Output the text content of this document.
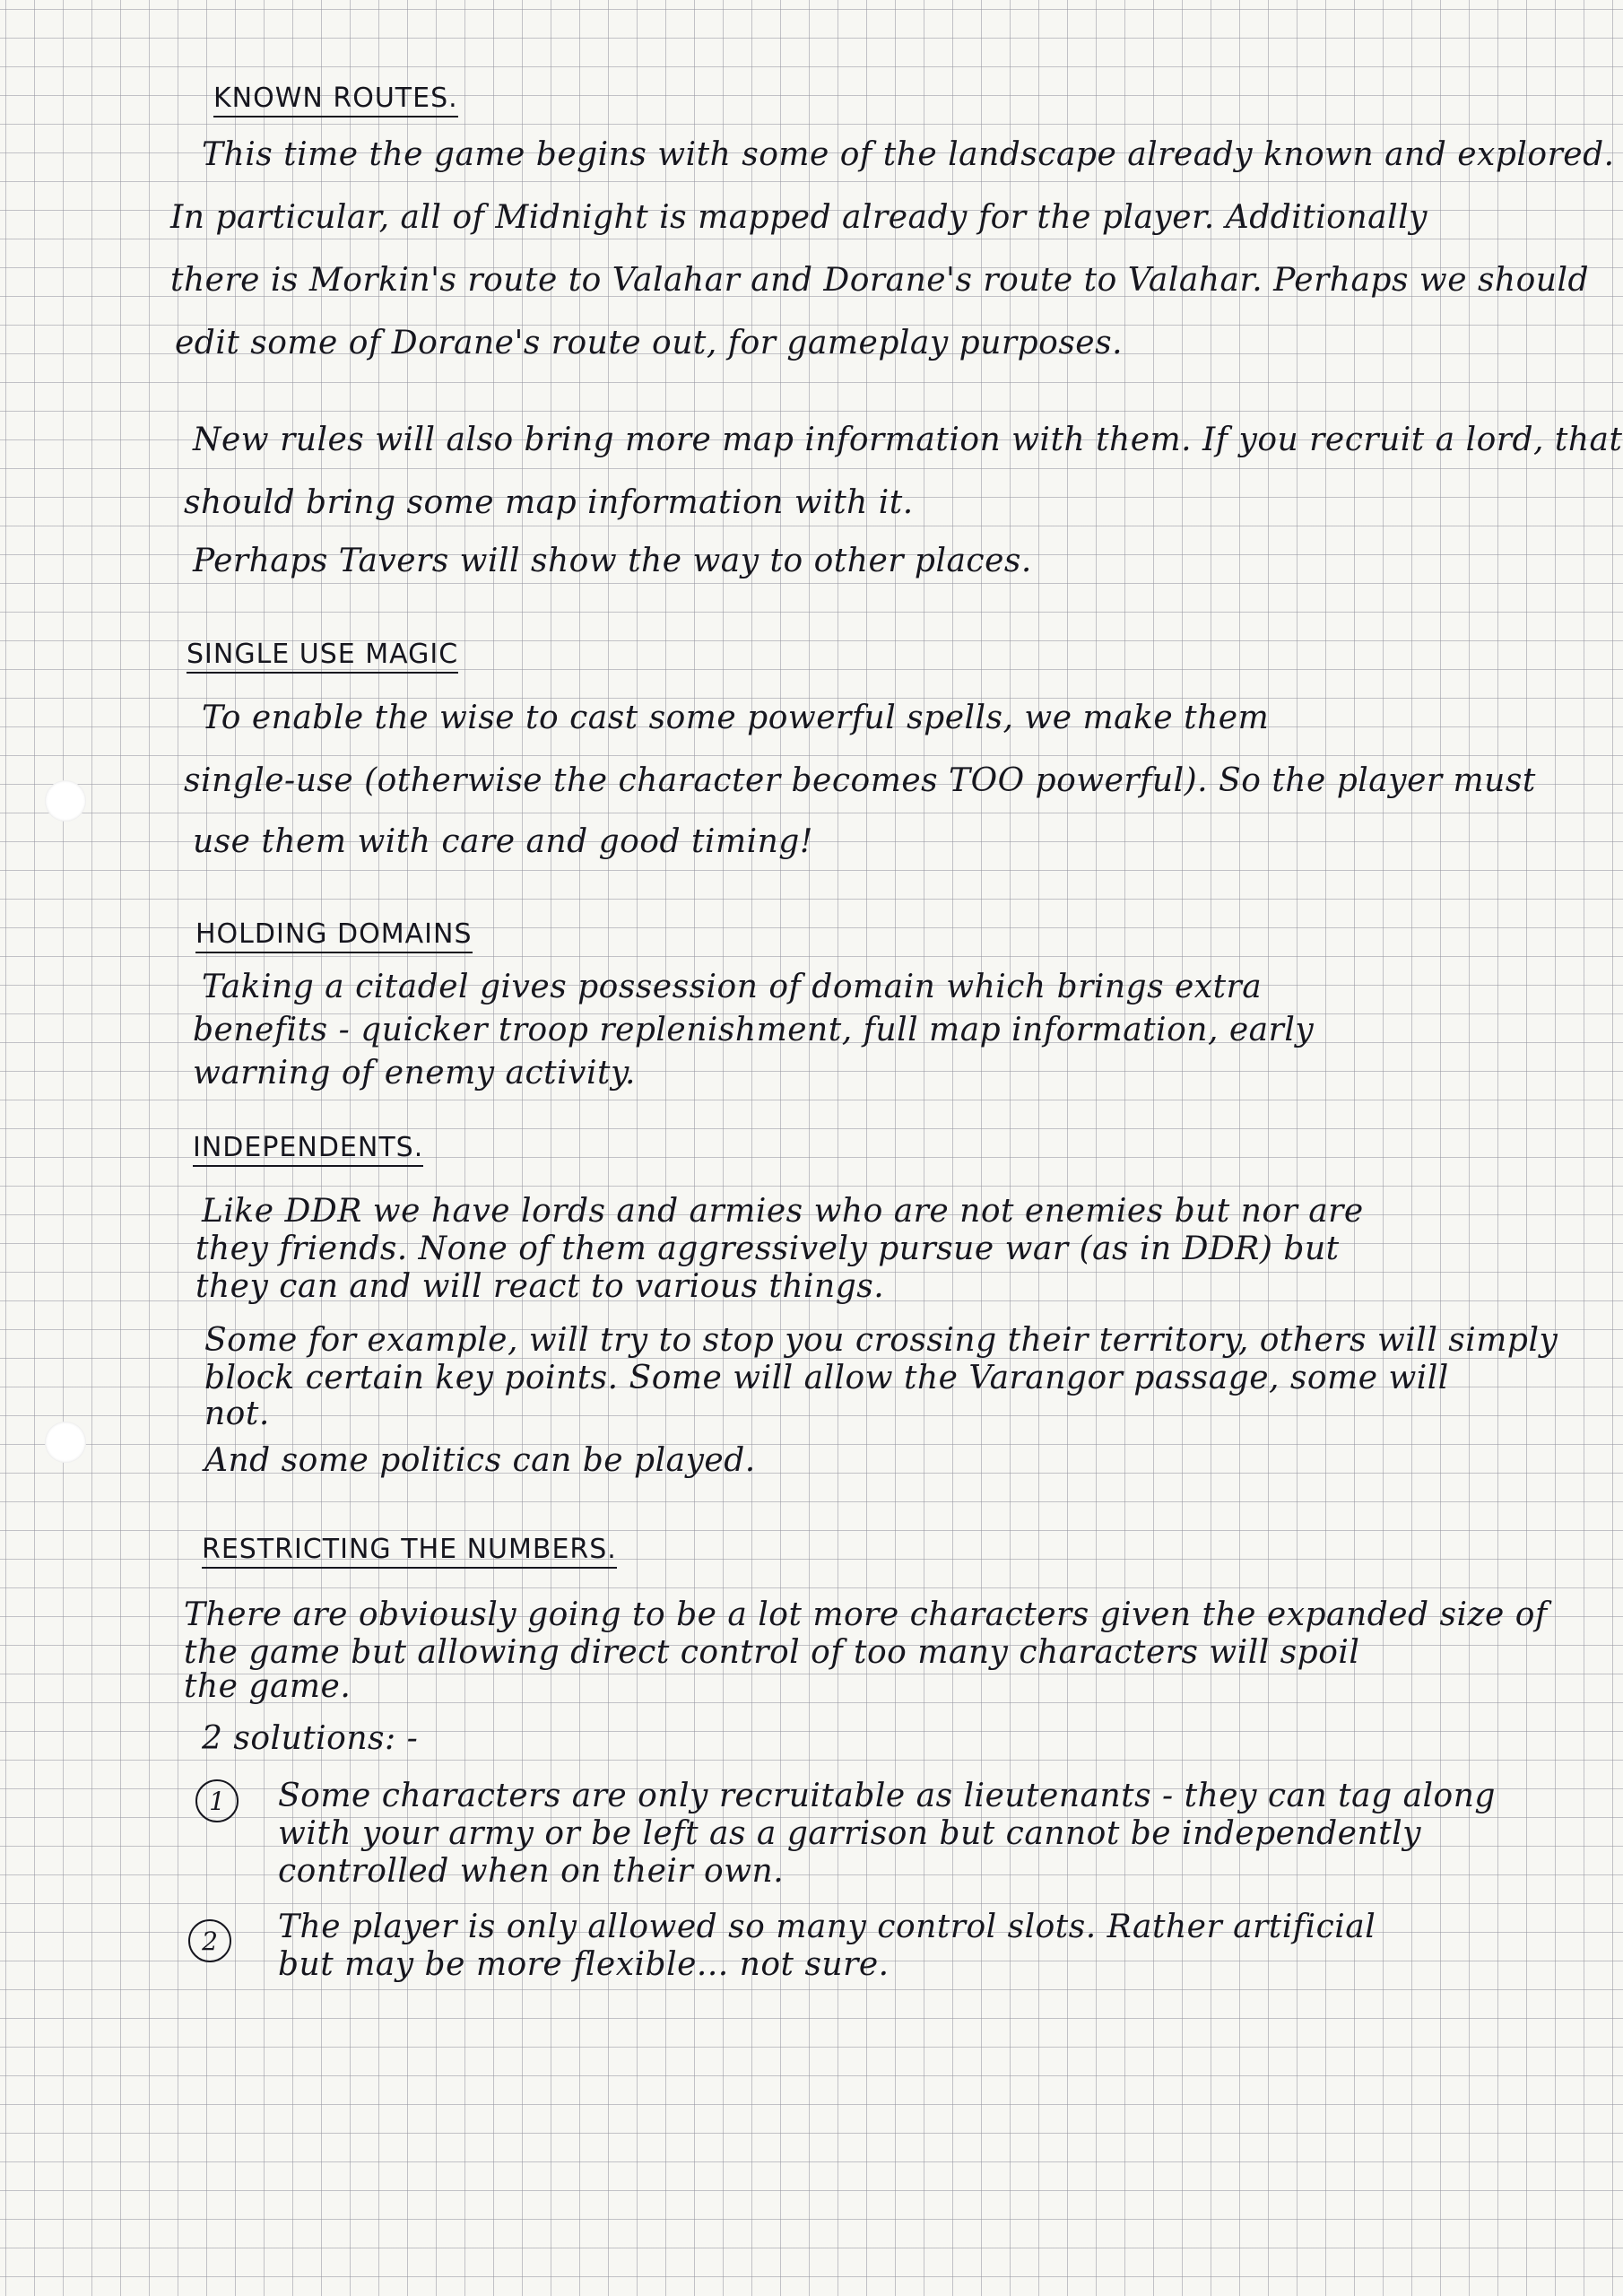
KNOWN ROUTES.
This time the game begins with some of the landscape already known and explored.
In particular, all of Midnight is mapped already for the player. Additionally
there is Morkin's route to Valahar and Dorane's route to Valahar. Perhaps we should
edit some of Dorane's route out, for gameplay purposes.
New rules will also bring more map information with them. If you recruit a lord, that
should bring some map information with it.
Perhaps Tavers will show the way to other places.
SINGLE USE MAGIC
To enable the wise to cast some powerful spells, we make them
single-use (otherwise the character becomes TOO powerful). So the player must
use them with care and good timing!
HOLDING DOMAINS
Taking a citadel gives possession of domain which brings extra
benefits - quicker troop replenishment, full map information, early
warning of enemy activity.
INDEPENDENTS.
Like DDR we have lords and armies who are not enemies but nor are
they friends. None of them aggressively pursue war (as in DDR) but
they can and will react to various things.
Some for example, will try to stop you crossing their territory, others will simply
block certain key points. Some will allow the Varangor passage, some will
not.
And some politics can be played.
RESTRICTING THE NUMBERS.
There are obviously going to be a lot more characters given the expanded size of
the game but allowing direct control of too many characters will spoil
the game.
2 solutions: -
1	Some characters are only recruitable as lieutenants - they can tag along
with your army or be left as a garrison but cannot be independently
controlled when on their own.
2	The player is only allowed so many control slots. Rather artificial
but may be more flexible... not sure.
